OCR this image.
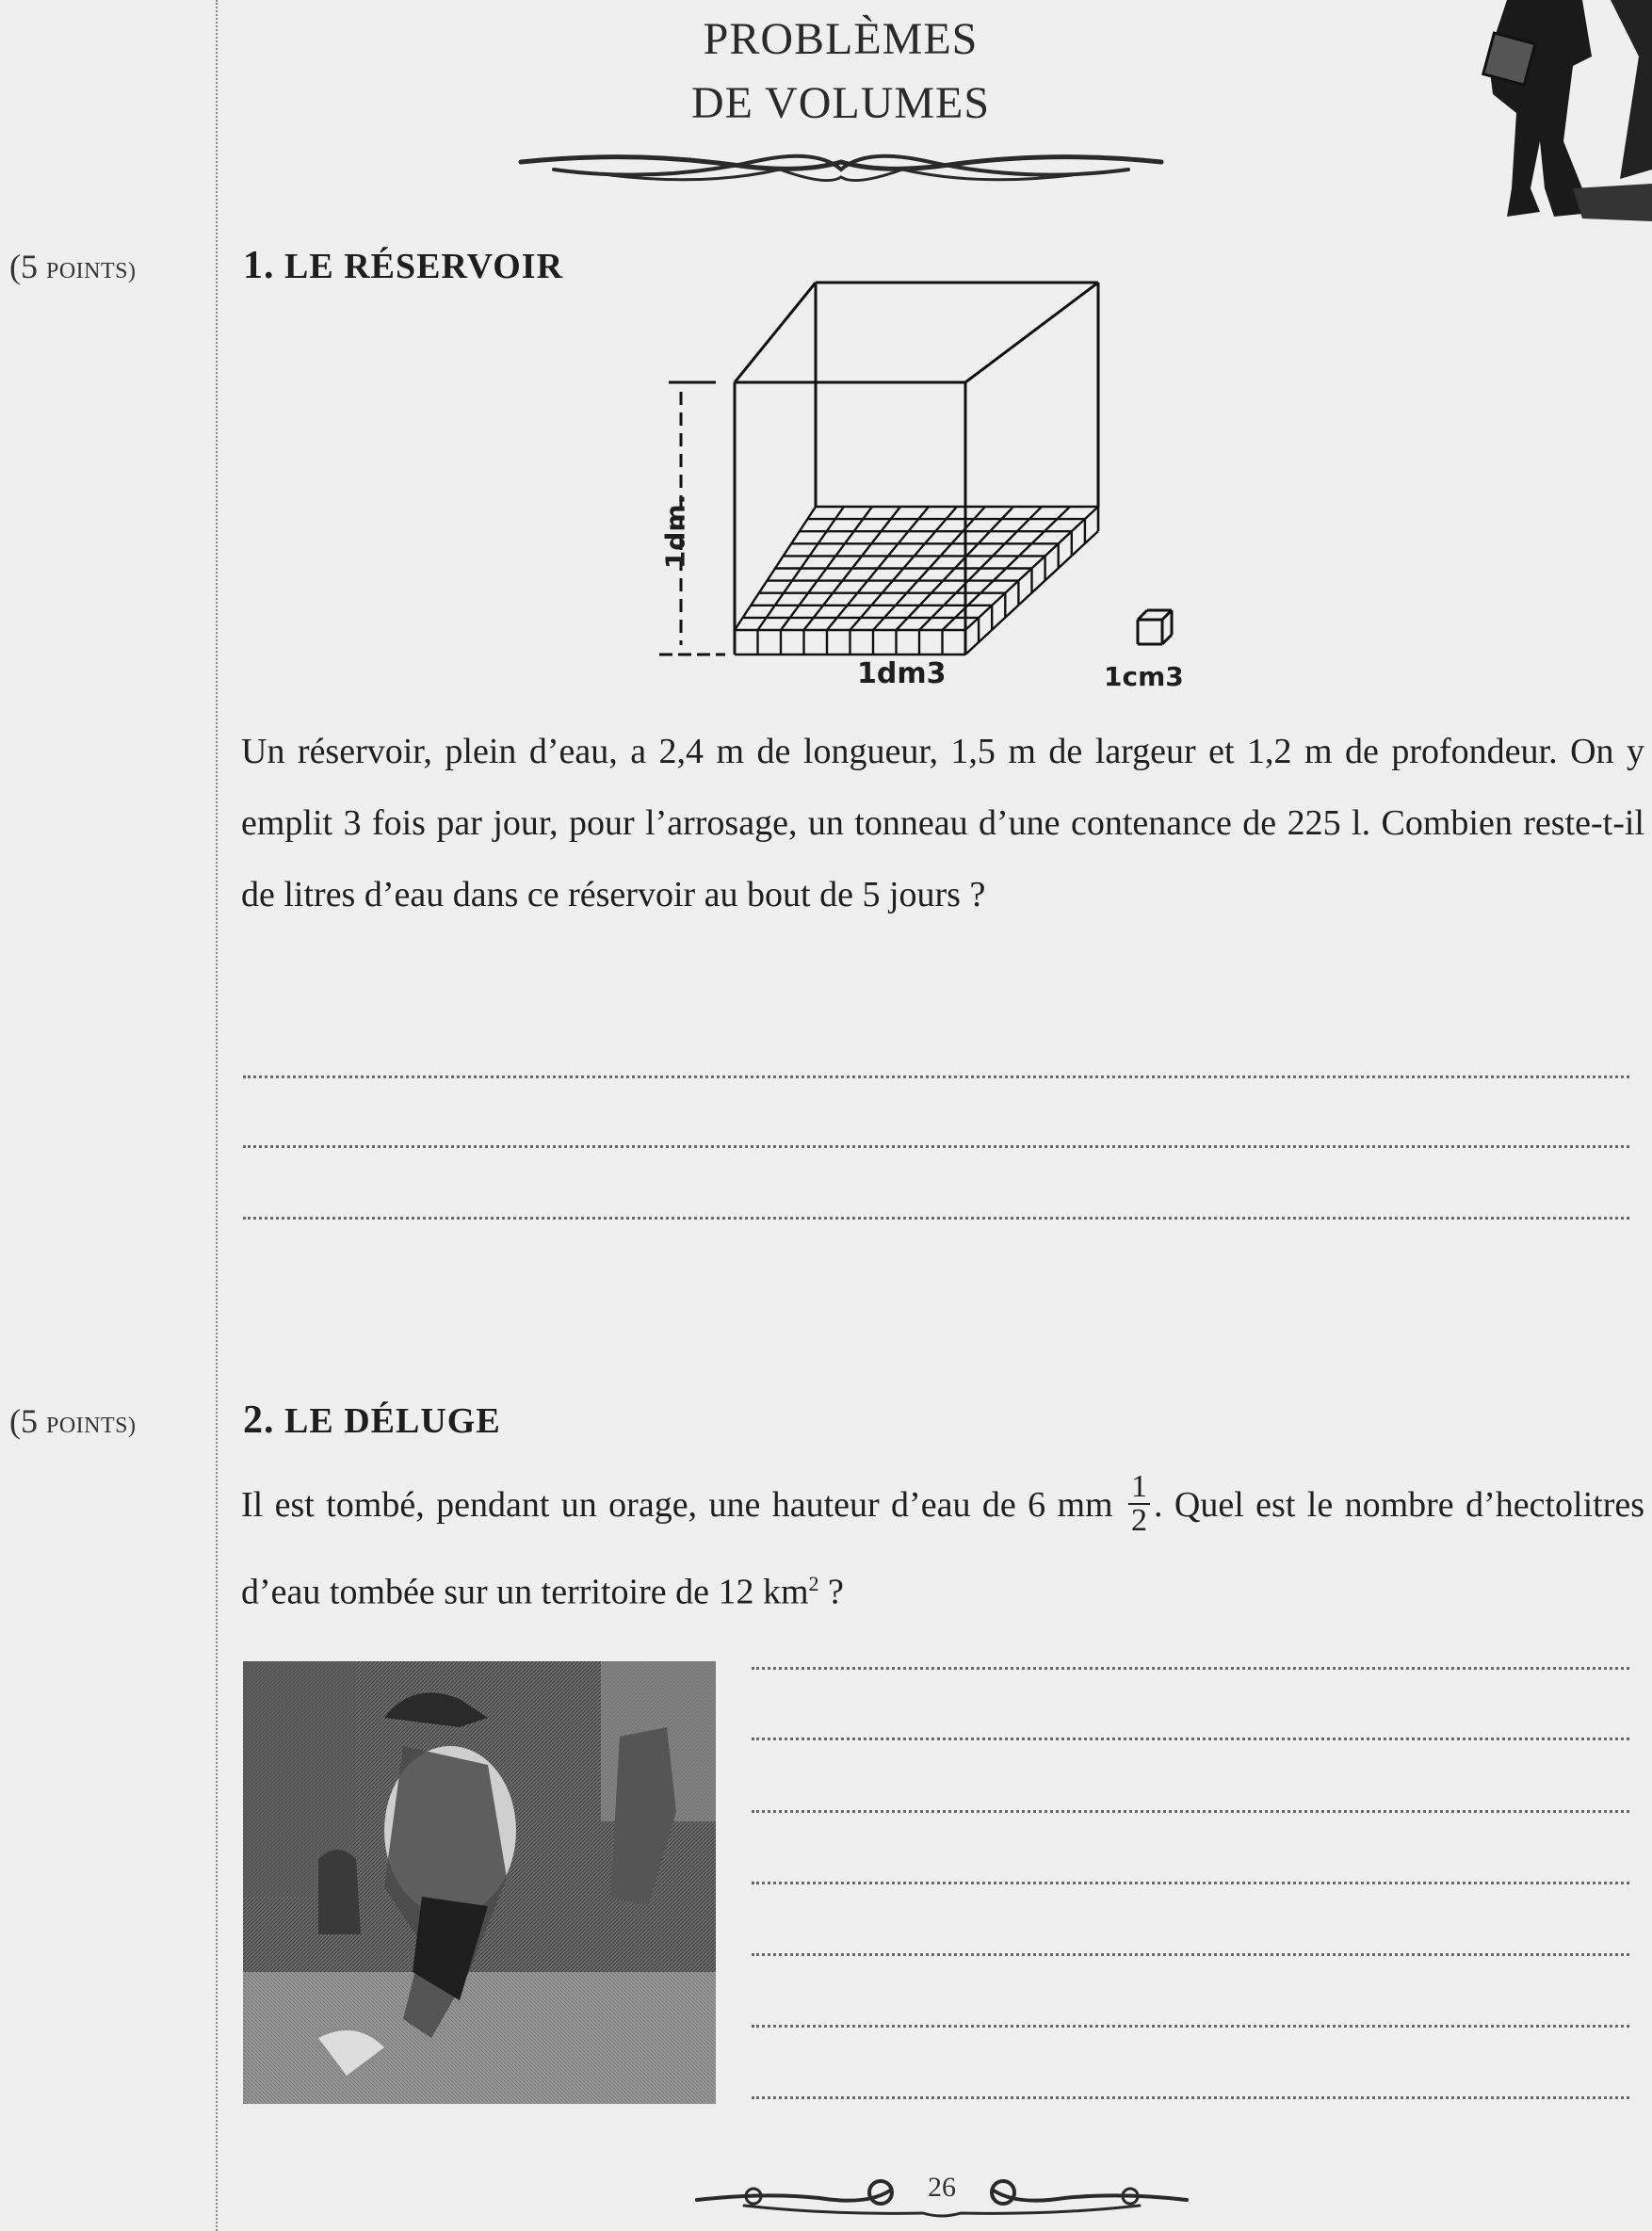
PROBLÈMES
DE VOLUMES
(5 POINTS)	1. LE RÉSERVOIR
1dm.
1dm3	1cm3

Un réservoir, plein d’eau, a 2,4 m de longueur, 1,5 m de largeur et 1,2 m de profondeur. On y emplit 3 fois par jour, pour l’arrosage, un tonneau d’une contenance de 225 l. Combien reste-t-il de litres d’eau dans ce réservoir au bout de 5 jours ?

(5 POINTS)	2. LE DÉLUGE

Il est tombé, pendant un orage, une hauteur d’eau de 6 mm $\frac{1}{2}$ . Quel est le nombre d’hectolitres d’eau tombée sur un territoire de 12 $km^2$ ?

26
